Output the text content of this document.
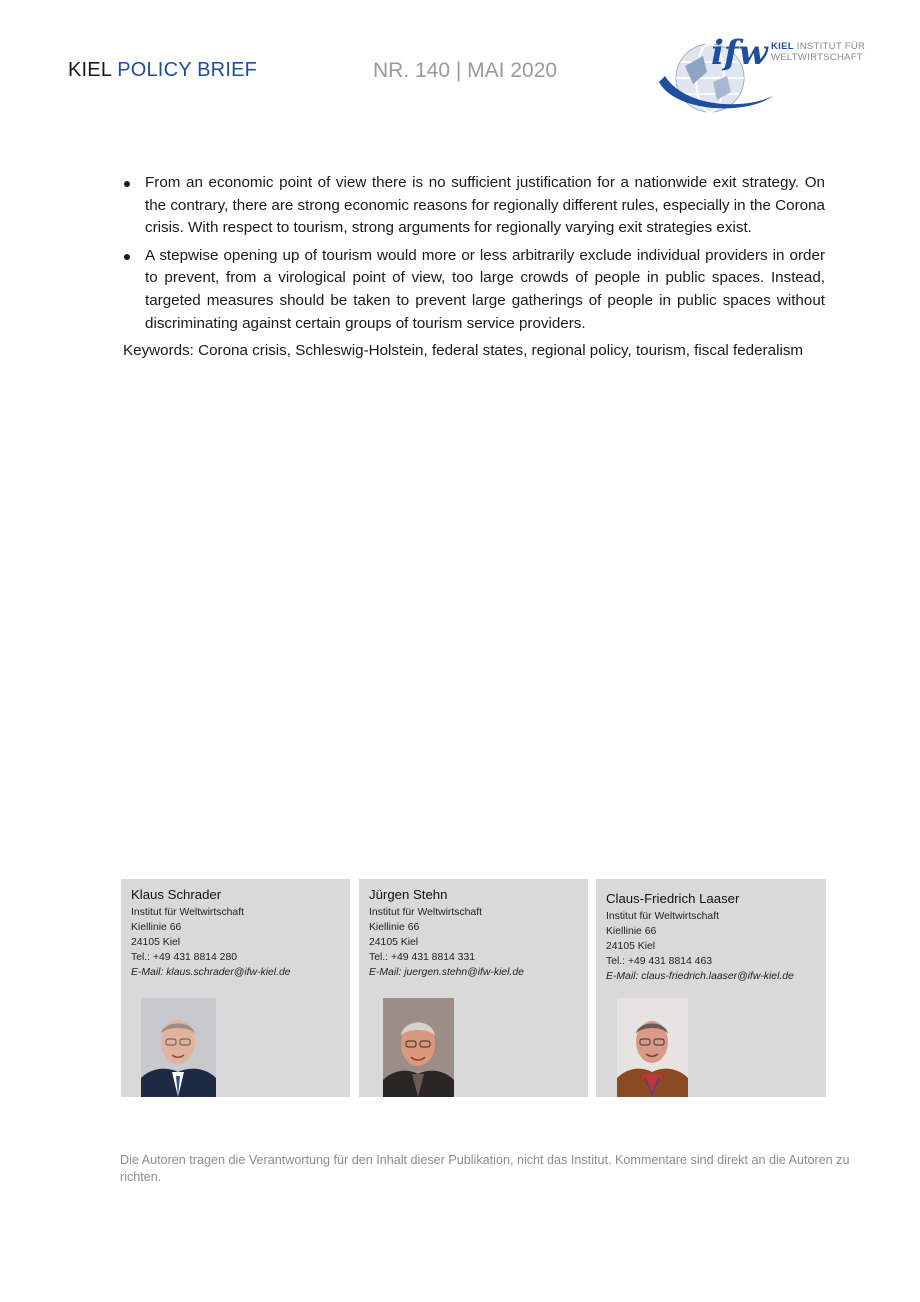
KIEL POLICY BRIEF	NR. 140 | MAI 2020	ifw KIEL INSTITUT FÜR
WELTWIRTSCHAFT
From an economic point of view there is no sufficient justification for a nationwide exit strategy. On the contrary, there are strong economic reasons for regionally different rules, especially in the Corona crisis. With respect to tourism, strong arguments for regionally varying exit strategies exist.
A stepwise opening up of tourism would more or less arbitrarily exclude individual providers in order to prevent, from a virological point of view, too large crowds of people in public spaces. Instead, targeted measures should be taken to prevent large gatherings of people in public spaces without discriminating against certain groups of tourism service providers.
Keywords: Corona crisis, Schleswig-Holstein, federal states, regional policy, tourism, fiscal federalism
Klaus Schrader
Institut für Weltwirtschaft
Kiellinie 66
24105 Kiel
Tel.: +49 431 8814 280
E-Mail: klaus.schrader@ifw-kiel.de
Jürgen Stehn
Institut für Weltwirtschaft
Kiellinie 66
24105 Kiel
Tel.: +49 431 8814 331
E-Mail: juergen.stehn@ifw-kiel.de
Claus-Friedrich Laaser
Institut für Weltwirtschaft
Kiellinie 66
24105 Kiel
Tel.: +49 431 8814 463
E-Mail: claus-friedrich.laaser@ifw-kiel.de
Die Autoren tragen die Verantwortung für den Inhalt dieser Publikation, nicht das Institut. Kommentare sind direkt an die Autoren zu richten.
